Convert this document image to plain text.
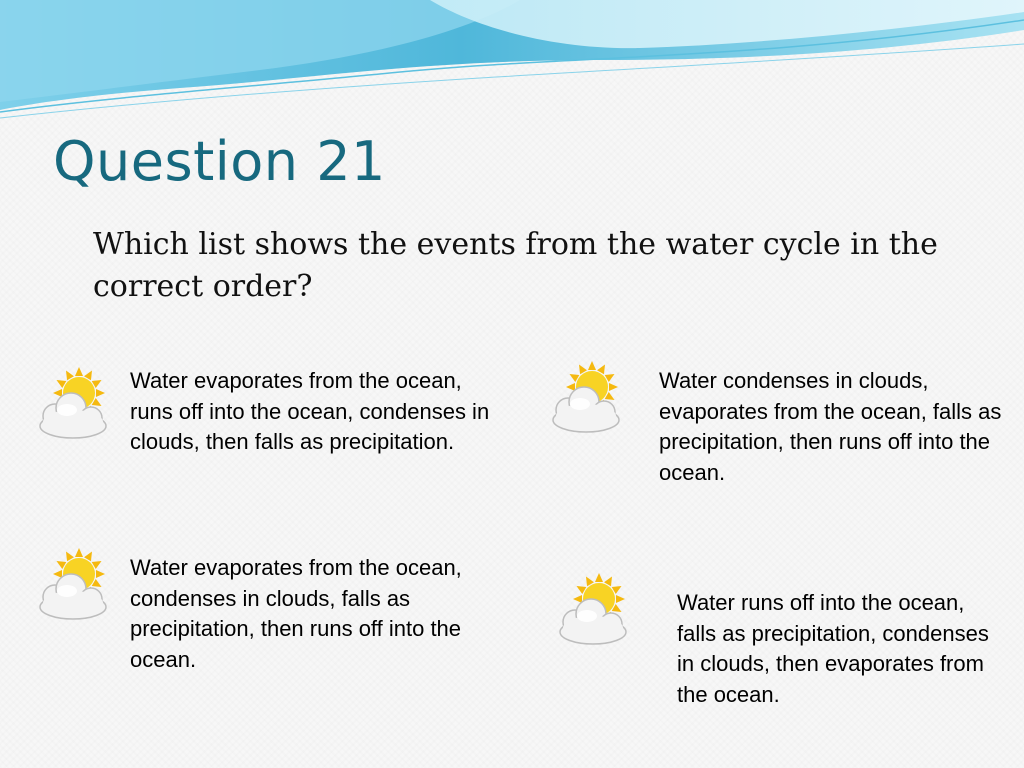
Question 21

Which list shows the events from the water cycle in the correct order?

Water evaporates from the ocean, runs off into the ocean, condenses in clouds, then falls as precipitation.

Water condenses in clouds, evaporates from the ocean, falls as precipitation, then runs off into the ocean.

Water evaporates from the ocean, condenses in clouds, falls as precipitation, then runs off into the ocean.

Water runs off into the ocean, falls as precipitation, condenses in clouds, then evaporates from the ocean.
